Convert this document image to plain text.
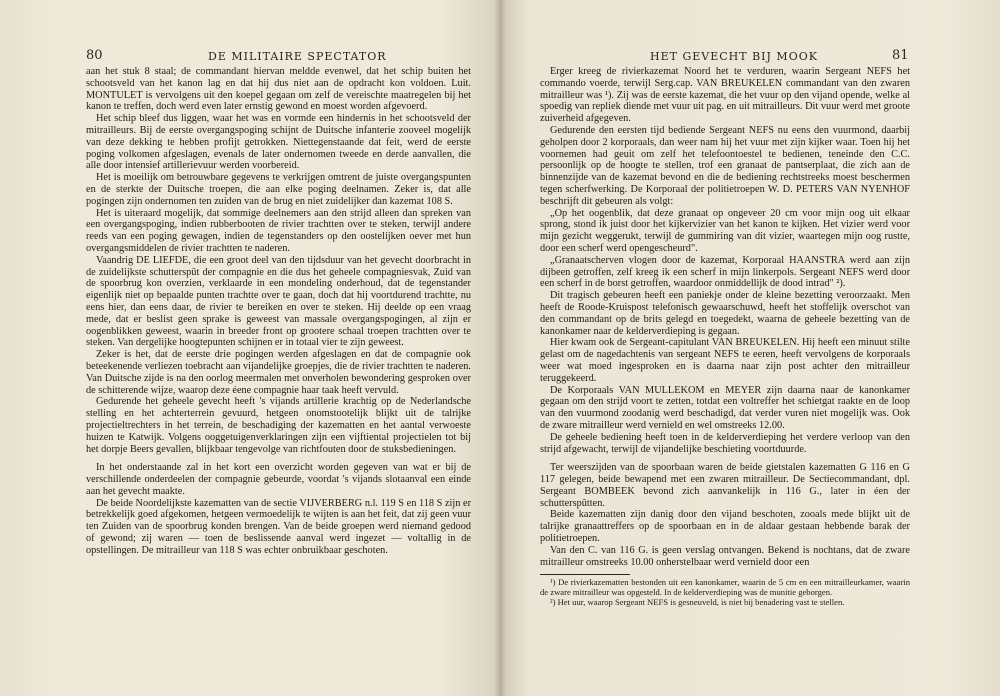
80	DE MILITAIRE SPECTATOR

aan het stuk 8 staal; de commandant hiervan meldde evenwel, dat het schip buiten het schootsveld van het kanon lag en dat hij dus niet aan de opdracht kon voldoen. Luit. MONTULET is vervolgens uit den koepel gegaan om zelf de vereischte maatregelen bij het kanon te treffen, doch werd even later ernstig gewond en moest worden afgevoerd.

Het schip bleef dus liggen, waar het was en vormde een hindernis in het schootsveld der mitrailleurs. Bij de eerste overgangspoging schijnt de Duitsche infanterie zooveel mogelijk van deze dekking te hebben profijt getrokken. Niettegenstaande dat feit, werd de eerste poging volkomen afgeslagen, evenals de later ondernomen tweede en derde aanvallen, die alle door intensief artillerievuur werden voorbereid.

Het is moeilijk om betrouwbare gegevens te verkrijgen omtrent de juiste overgangspunten en de sterkte der Duitsche troepen, die aan elke poging deelnamen. Zeker is, dat alle pogingen zijn ondernomen ten zuiden van de brug en niet zuidelijker dan kazemat 108 S.

Het is uiteraard mogelijk, dat sommige deelnemers aan den strijd alleen dan spreken van een overgangspoging, indien rubberbooten de rivier trachtten over te steken, terwijl andere reeds van een poging gewagen, indien de tegenstanders op den oostelijken oever met hun overgangsmiddelen de rivier trachtten te naderen.

Vaandrig DE LIEFDE, die een groot deel van den tijdsduur van het gevecht doorbracht in de zuidelijkste schutterspût der compagnie en die dus het geheele compagniesvak, Zuid van de spoorbrug kon overzien, verklaarde in een mondeling onderhoud, dat de tegenstander eigenlijk niet op bepaalde punten trachtte over te gaan, doch dat hij voortdurend trachtte, nu eens hier, dan eens daar, de rivier te bereiken en over te steken. Hij deelde op een vraag mede, dat er beslist geen sprake is geweest van massale overgangspogingen, al zijn er oogenblikken geweest, waarin in breeder front op grootere schaal troepen trachtten over te steken. Van dergelijke hoogtepunten schijnen er in totaal vier te zijn geweest.

Zeker is het, dat de eerste drie pogingen werden afgeslagen en dat de compagnie ook beteekenende verliezen toebracht aan vijandelijke groepjes, die de rivier trachtten te naderen. Van Duitsche zijde is na den oorlog meermalen met onverholen bewondering gesproken over de schitterende wijze, waarop deze éene compagnie haar taak heeft vervuld.

Gedurende het geheele gevecht heeft 's vijands artillerie krachtig op de Nederlandsche stelling en het achterterrein gevuurd, hetgeen onomstootelijk blijkt uit de talrijke projectieltrechters in het terrein, de beschadiging der kazematten en het aantal verwoeste huizen te Katwijk. Volgens ooggetuigenverklaringen zijn een vijftiental projectielen tot bij het dorpje Beers gevallen, blijkbaar tengevolge van richtfouten door de stuksbedieningen.

In het onderstaande zal in het kort een overzicht worden gegeven van wat er bij de verschillende onderdeelen der compagnie gebeurde, voordat 's vijands slotaanval een einde aan het gevecht maakte.

De beide Noordelijkste kazematten van de sectie VIJVERBERG n.l. 119 S en 118 S zijn er betrekkelijk goed afgekomen, hetgeen vermoedelijk te wijten is aan het feit, dat zij geen vuur ten Zuiden van de spoorbrug konden brengen. Van de beide groepen werd niemand gedood of gewond; zij waren — toen de beslissende aanval werd ingezet — voltallig in de opstellingen. De mitrailleur van 118 S was echter onbruikbaar geschoten.

HET GEVECHT BIJ MOOK	81

Erger kreeg de rivierkazemat Noord het te verduren, waarin Sergeant NEFS het commando voerde, terwijl Serg.cap. VAN BREUKELEN commandant van den zwaren mitrailleur was ¹). Zij was de eerste kazemat, die het vuur op den vijand opende, welke al spoedig van repliek diende met vuur uit pag. en uit mitrailleurs. Dit vuur werd met groote zuiverheid afgegeven.

Gedurende den eersten tijd bediende Sergeant NEFS nu eens den vuurmond, daarbij geholpen door 2 korporaals, dan weer nam hij het vuur met zijn kijker waar. Toen hij het voornemen had geuit om zelf het telefoontoestel te bedienen, teneinde den C.C. persoonlijk op de hoogte te stellen, trof een granaat de pantserplaat, die zich aan de binnenzijde van de kazemat bevond en die de bediening rechtstreeks moest beschermen tegen scherfwerking. De Korporaal der politietroepen W. D. PETERS VAN NYENHOF beschrijft dit gebeuren als volgt:

„Op het oogenblik, dat deze granaat op ongeveer 20 cm voor mijn oog uit elkaar sprong, stond ik juist door het kijkervizier van het kanon te kijken. Het vizier werd voor mijn gezicht weggerukt, terwijl de gummiring van dit vizier, waartegen mijn oog rustte, door een scherf werd opengescheurd".

„Granaatscherven vlogen door de kazemat, Korporaal HAANSTRA werd aan zijn dijbeen getroffen, zelf kreeg ik een scherf in mijn linkerpols. Sergeant NEFS werd door een scherf in de borst getroffen, waardoor onmiddellijk de dood intrad" ²).

Dit tragisch gebeuren heeft een paniekje onder de kleine bezetting veroorzaakt. Men heeft de Roode-Kruispost telefonisch gewaarschuwd, heeft het stoffelijk overschot van den commandant op de brits gelegd en toegedekt, waarna de geheele bezetting van de kanonkamer naar de kelderverdieping is gegaan.

Hier kwam ook de Sergeant-capitulant VAN BREUKELEN. Hij heeft een minuut stilte gelast om de nagedachtenis van sergeant NEFS te eeren, heeft vervolgens de korporaals weer wat moed ingesproken en is daarna naar zijn post achter den mitrailleur teruggekeerd.

De Korporaals VAN MULLEKOM en MEYER zijn daarna naar de kanonkamer gegaan om den strijd voort te zetten, totdat een voltreffer het schietgat raakte en de loop van den vuurmond zoodanig werd beschadigd, dat verder vuren niet mogelijk was. Ook de zware mitrailleur werd vernield en wel omstreeks 12.00.

De geheele bediening heeft toen in de kelderverdieping het verdere verloop van den strijd afgewacht, terwijl de vijandelijke beschieting voortduurde.

Ter weerszijden van de spoorbaan waren de beide gietstalen kazematten G 116 en G 117 gelegen, beide bewapend met een zwaren mitrailleur. De Sectiecommandant, dpl. Sergeant BOMBEEK bevond zich aanvankelijk in 116 G., later in éen der schutterspûtten.

Beide kazematten zijn danig door den vijand beschoten, zooals mede blijkt uit de talrijke granaattreffers op de spoorbaan en in de aldaar gestaan hebbende barak der politietroepen.

Van den C. van 116 G. is geen verslag ontvangen. Bekend is nochtans, dat de zware mitrailleur omstreeks 10.00 onherstelbaar werd vernield door een

¹) De rivierkazematten bestonden uit een kanonkamer, waarin de 5 cm en een mitrailleurkamer, waarin de zware mitrailleur was opgesteld. In de kelderverdieping was de munitie geborgen.

²) Het uur, waarop Sergeant NEFS is gesneuveld, is niet bij benadering vast te stellen.
